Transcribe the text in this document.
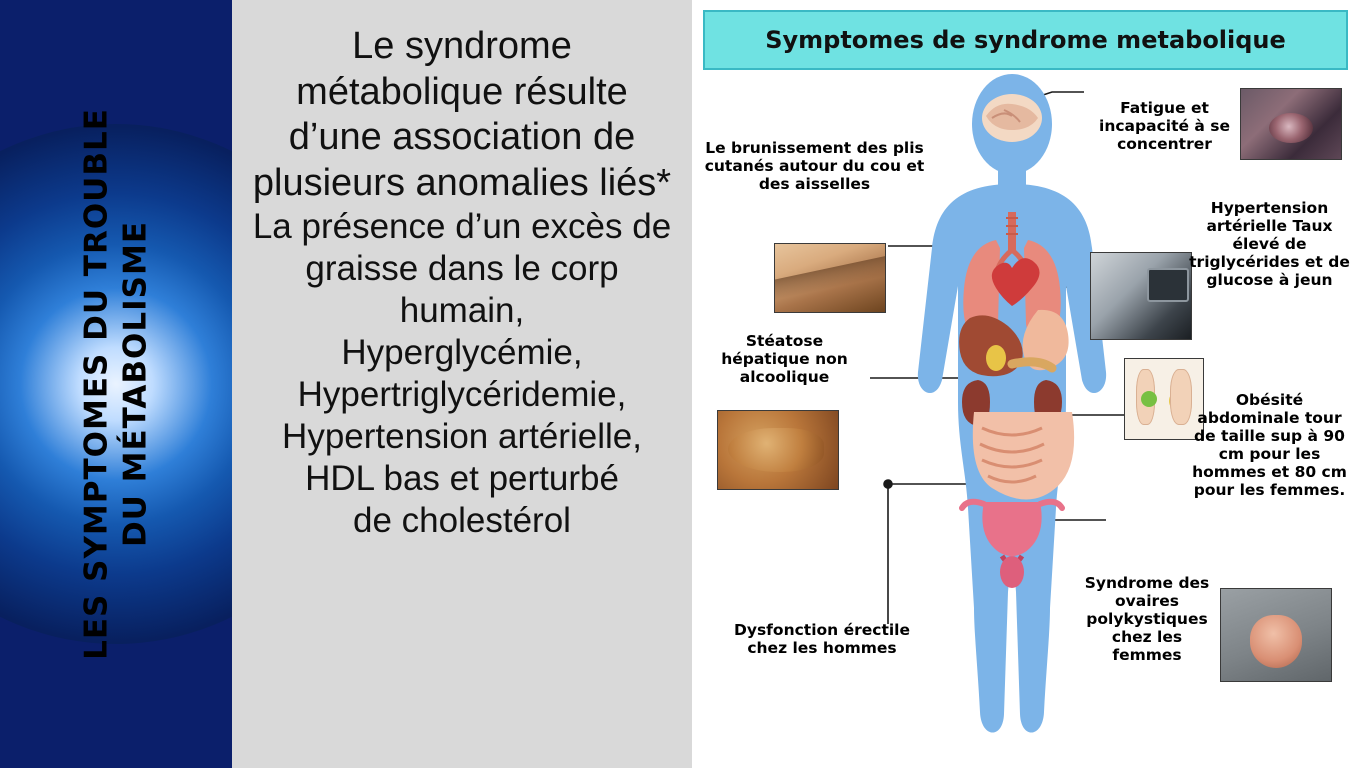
LES SYMPTOMES DU TROUBLE DU MÉTABOLISME

Le syndrome

métabolique résulte

d’une association de

plusieurs anomalies liés*

La présence d’un excès de

graisse dans le corp

humain,

Hyperglycémie,

Hypertriglycéridemie,

Hypertension artérielle,

HDL bas et perturbé

de cholestérol

Symptomes de syndrome metabolique
Le brunissement des plis cutanés autour du cou et des aisselles
Fatigue et incapacité à se concentrer
Hypertension artérielle Taux élevé de triglycérides et de glucose à jeun
Stéatose hépatique non alcoolique
Obésité abdominale tour de taille sup à 90 cm pour les hommes et 80 cm pour les femmes.
Dysfonction érectile chez les hommes
Syndrome des ovaires polykystiques chez les femmes
